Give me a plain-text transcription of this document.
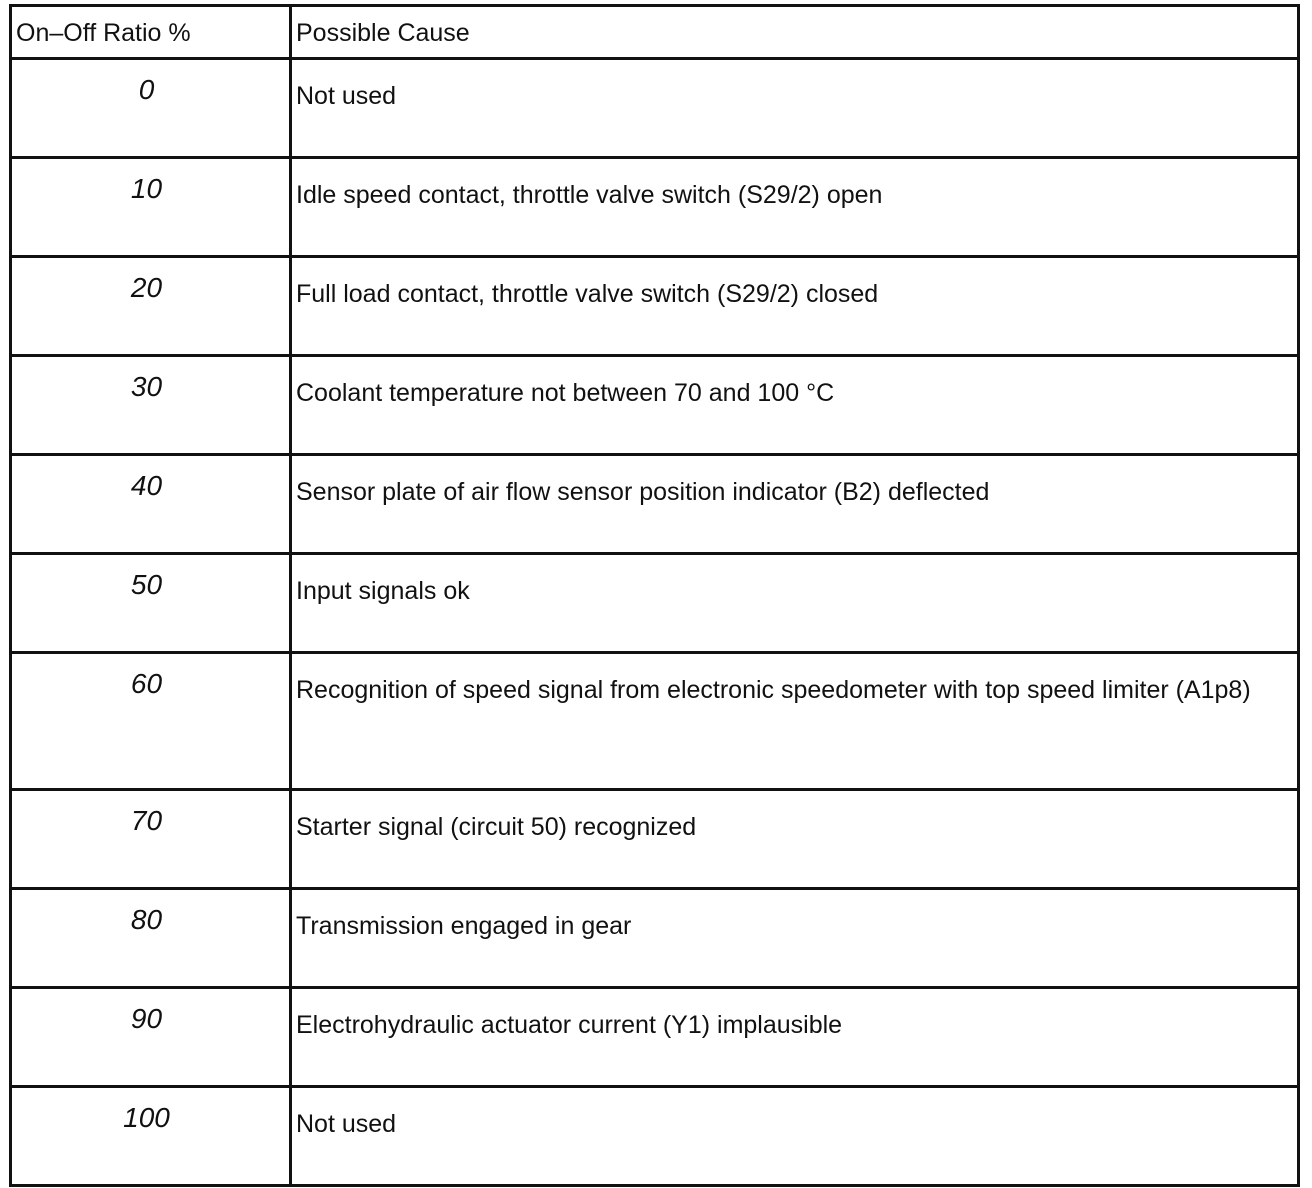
On–Off Ratio %	Possible Cause

0	Not used

10	Idle speed contact, throttle valve switch (S29/2) open

20	Full load contact, throttle valve switch (S29/2) closed

30	Coolant temperature not between 70 and 100 °C

40	Sensor plate of air flow sensor position indicator (B2) deflected

50	Input signals ok

60	Recognition of speed signal from electronic speedometer with top speed limiter (A1p8)

70	Starter signal (circuit 50) recognized

80	Transmission engaged in gear

90	Electrohydraulic actuator current (Y1) implausible

100	Not used
